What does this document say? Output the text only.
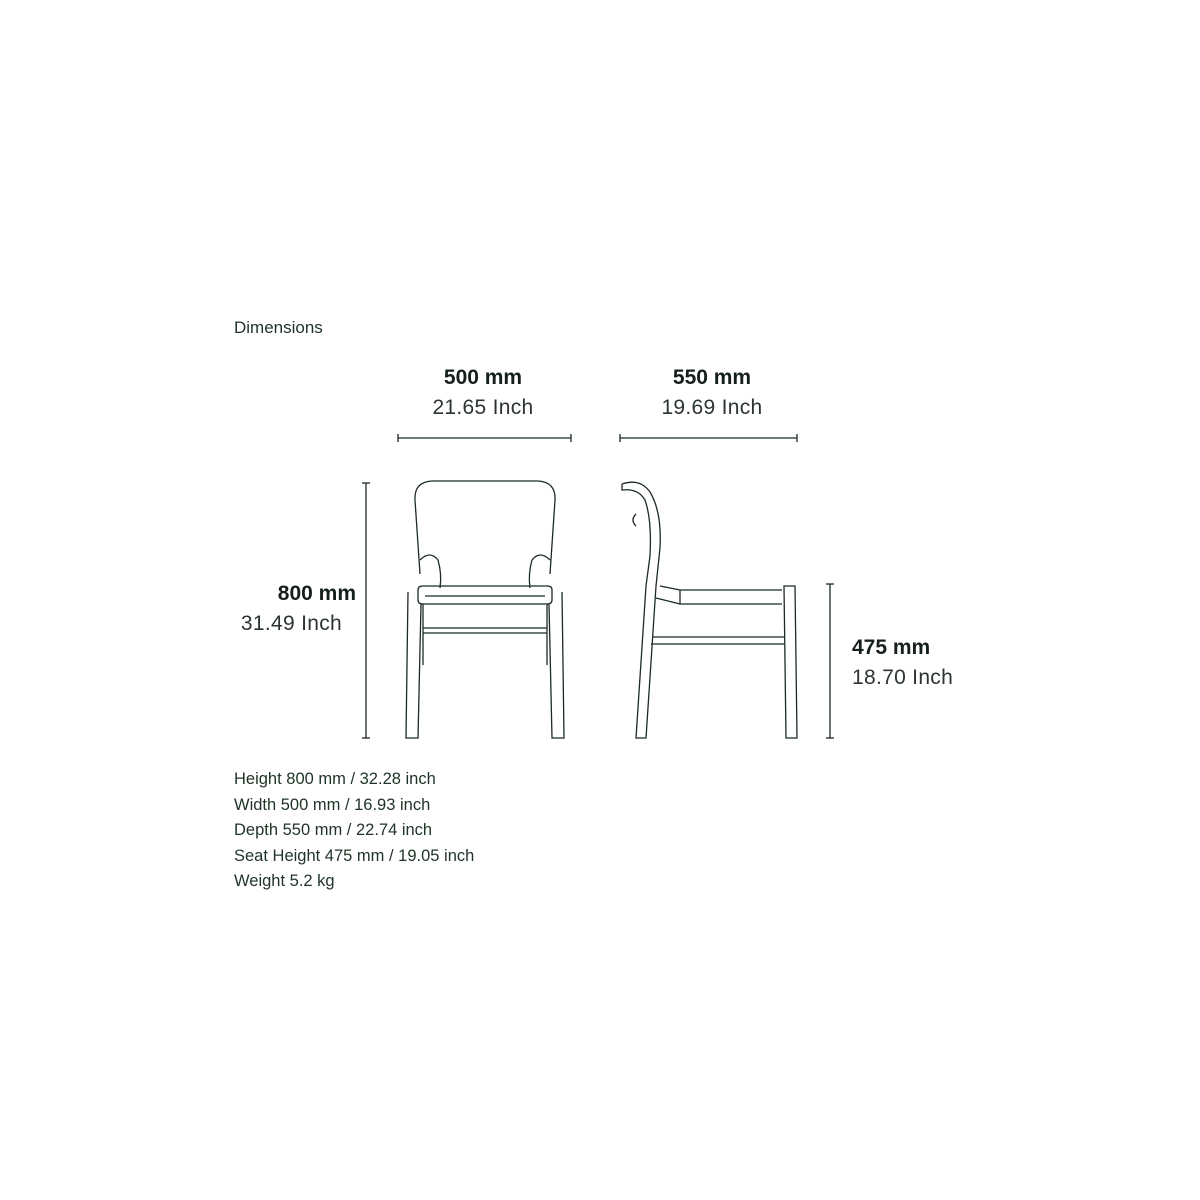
Dimensions
500 mm
21.65 Inch
550 mm
19.69 Inch
800 mm
31.49 Inch
475 mm
18.70 Inch
Height 800 mm / 32.28 inch
Width 500 mm / 16.93 inch
Depth 550 mm / 22.74 inch
Seat Height 475 mm / 19.05 inch
Weight 5.2 kg
